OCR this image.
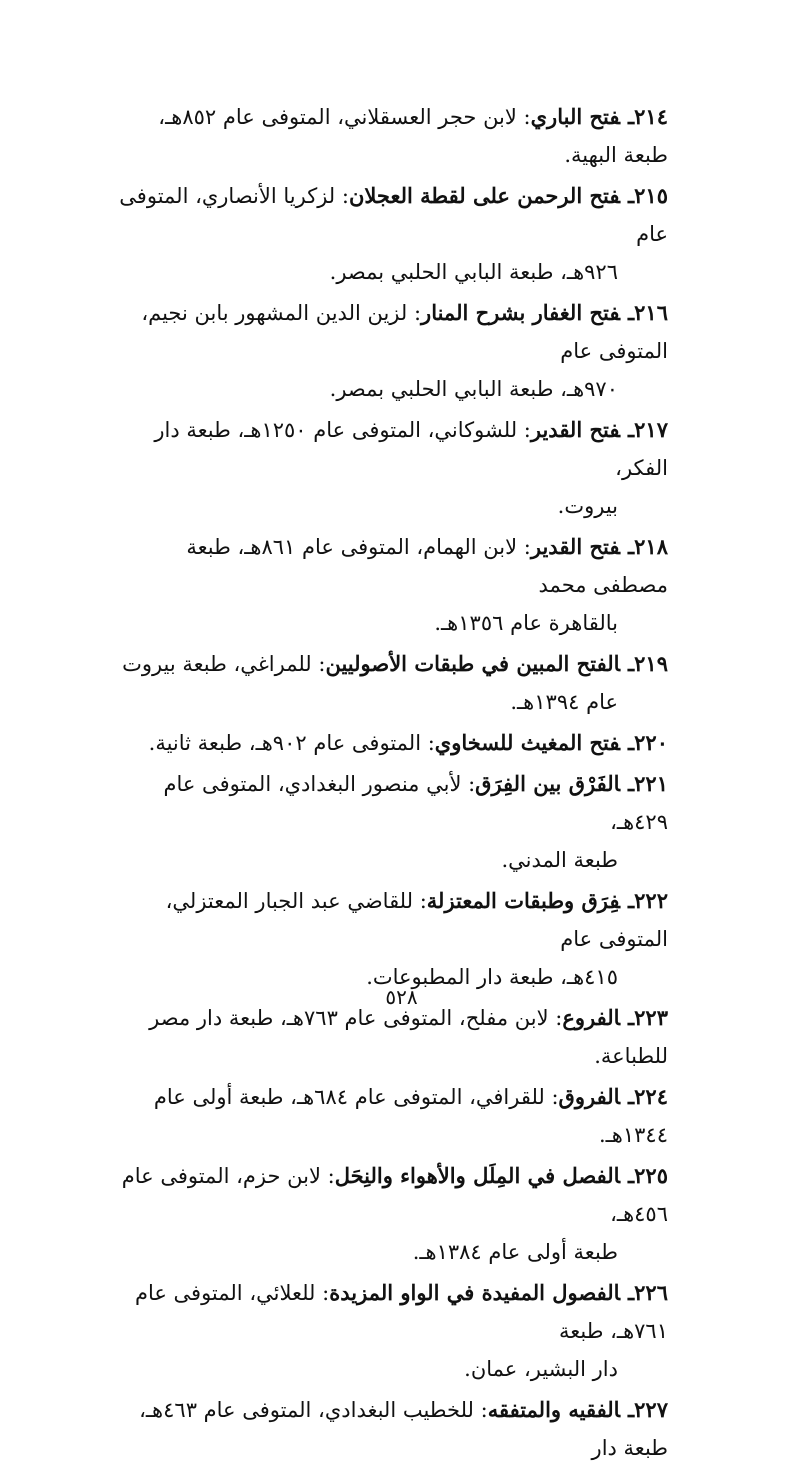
٢١٤ـفتح الباري: لابن حجر العسقلاني، المتوفى عام ٨٥٢هـ، طبعة البهية.
٢١٥ـفتح الرحمن على لقطة العجلان: لزكريا الأنصاري، المتوفى عام
٩٢٦هـ، طبعة البابي الحلبي بمصر.
٢١٦ـفتح الغفار بشرح المنار: لزين الدين المشهور بابن نجيم، المتوفى عام
٩٧٠هـ، طبعة البابي الحلبي بمصر.
٢١٧ـفتح القدير: للشوكاني، المتوفى عام ١٢٥٠هـ، طبعة دار الفكر،
بيروت.
٢١٨ـفتح القدير: لابن الهمام، المتوفى عام ٨٦١هـ، طبعة مصطفى محمد
بالقاهرة عام ١٣٥٦هـ.
٢١٩ـالفتح المبين في طبقات الأصوليين: للمراغي، طبعة بيروت
عام ١٣٩٤هـ.
٢٢٠ـفتح المغيث للسخاوي: المتوفى عام ٩٠٢هـ، طبعة ثانية.
٢٢١ـالفَرْق بين الفِرَق: لأبي منصور البغدادي، المتوفى عام ٤٢٩هـ،
طبعة المدني.
٢٢٢ـفِرَق وطبقات المعتزلة: للقاضي عبد الجبار المعتزلي، المتوفى عام
٤١٥هـ، طبعة دار المطبوعات.
٢٢٣ـالفروع: لابن مفلح، المتوفى عام ٧٦٣هـ، طبعة دار مصر للطباعة.
٢٢٤ـالفروق: للقرافي، المتوفى عام ٦٨٤هـ، طبعة أولى عام ١٣٤٤هـ.
٢٢٥ـالفصل في المِلَل والأهواء والنِحَل: لابن حزم، المتوفى عام ٤٥٦هـ،
طبعة أولى عام ١٣٨٤هـ.
٢٢٦ـالفصول المفيدة في الواو المزيدة: للعلائي، المتوفى عام ٧٦١هـ، طبعة
دار البشير، عمان.
٢٢٧ـالفقيه والمتفقه: للخطيب البغدادي، المتوفى عام ٤٦٣هـ، طبعة دار
٥٢٨
